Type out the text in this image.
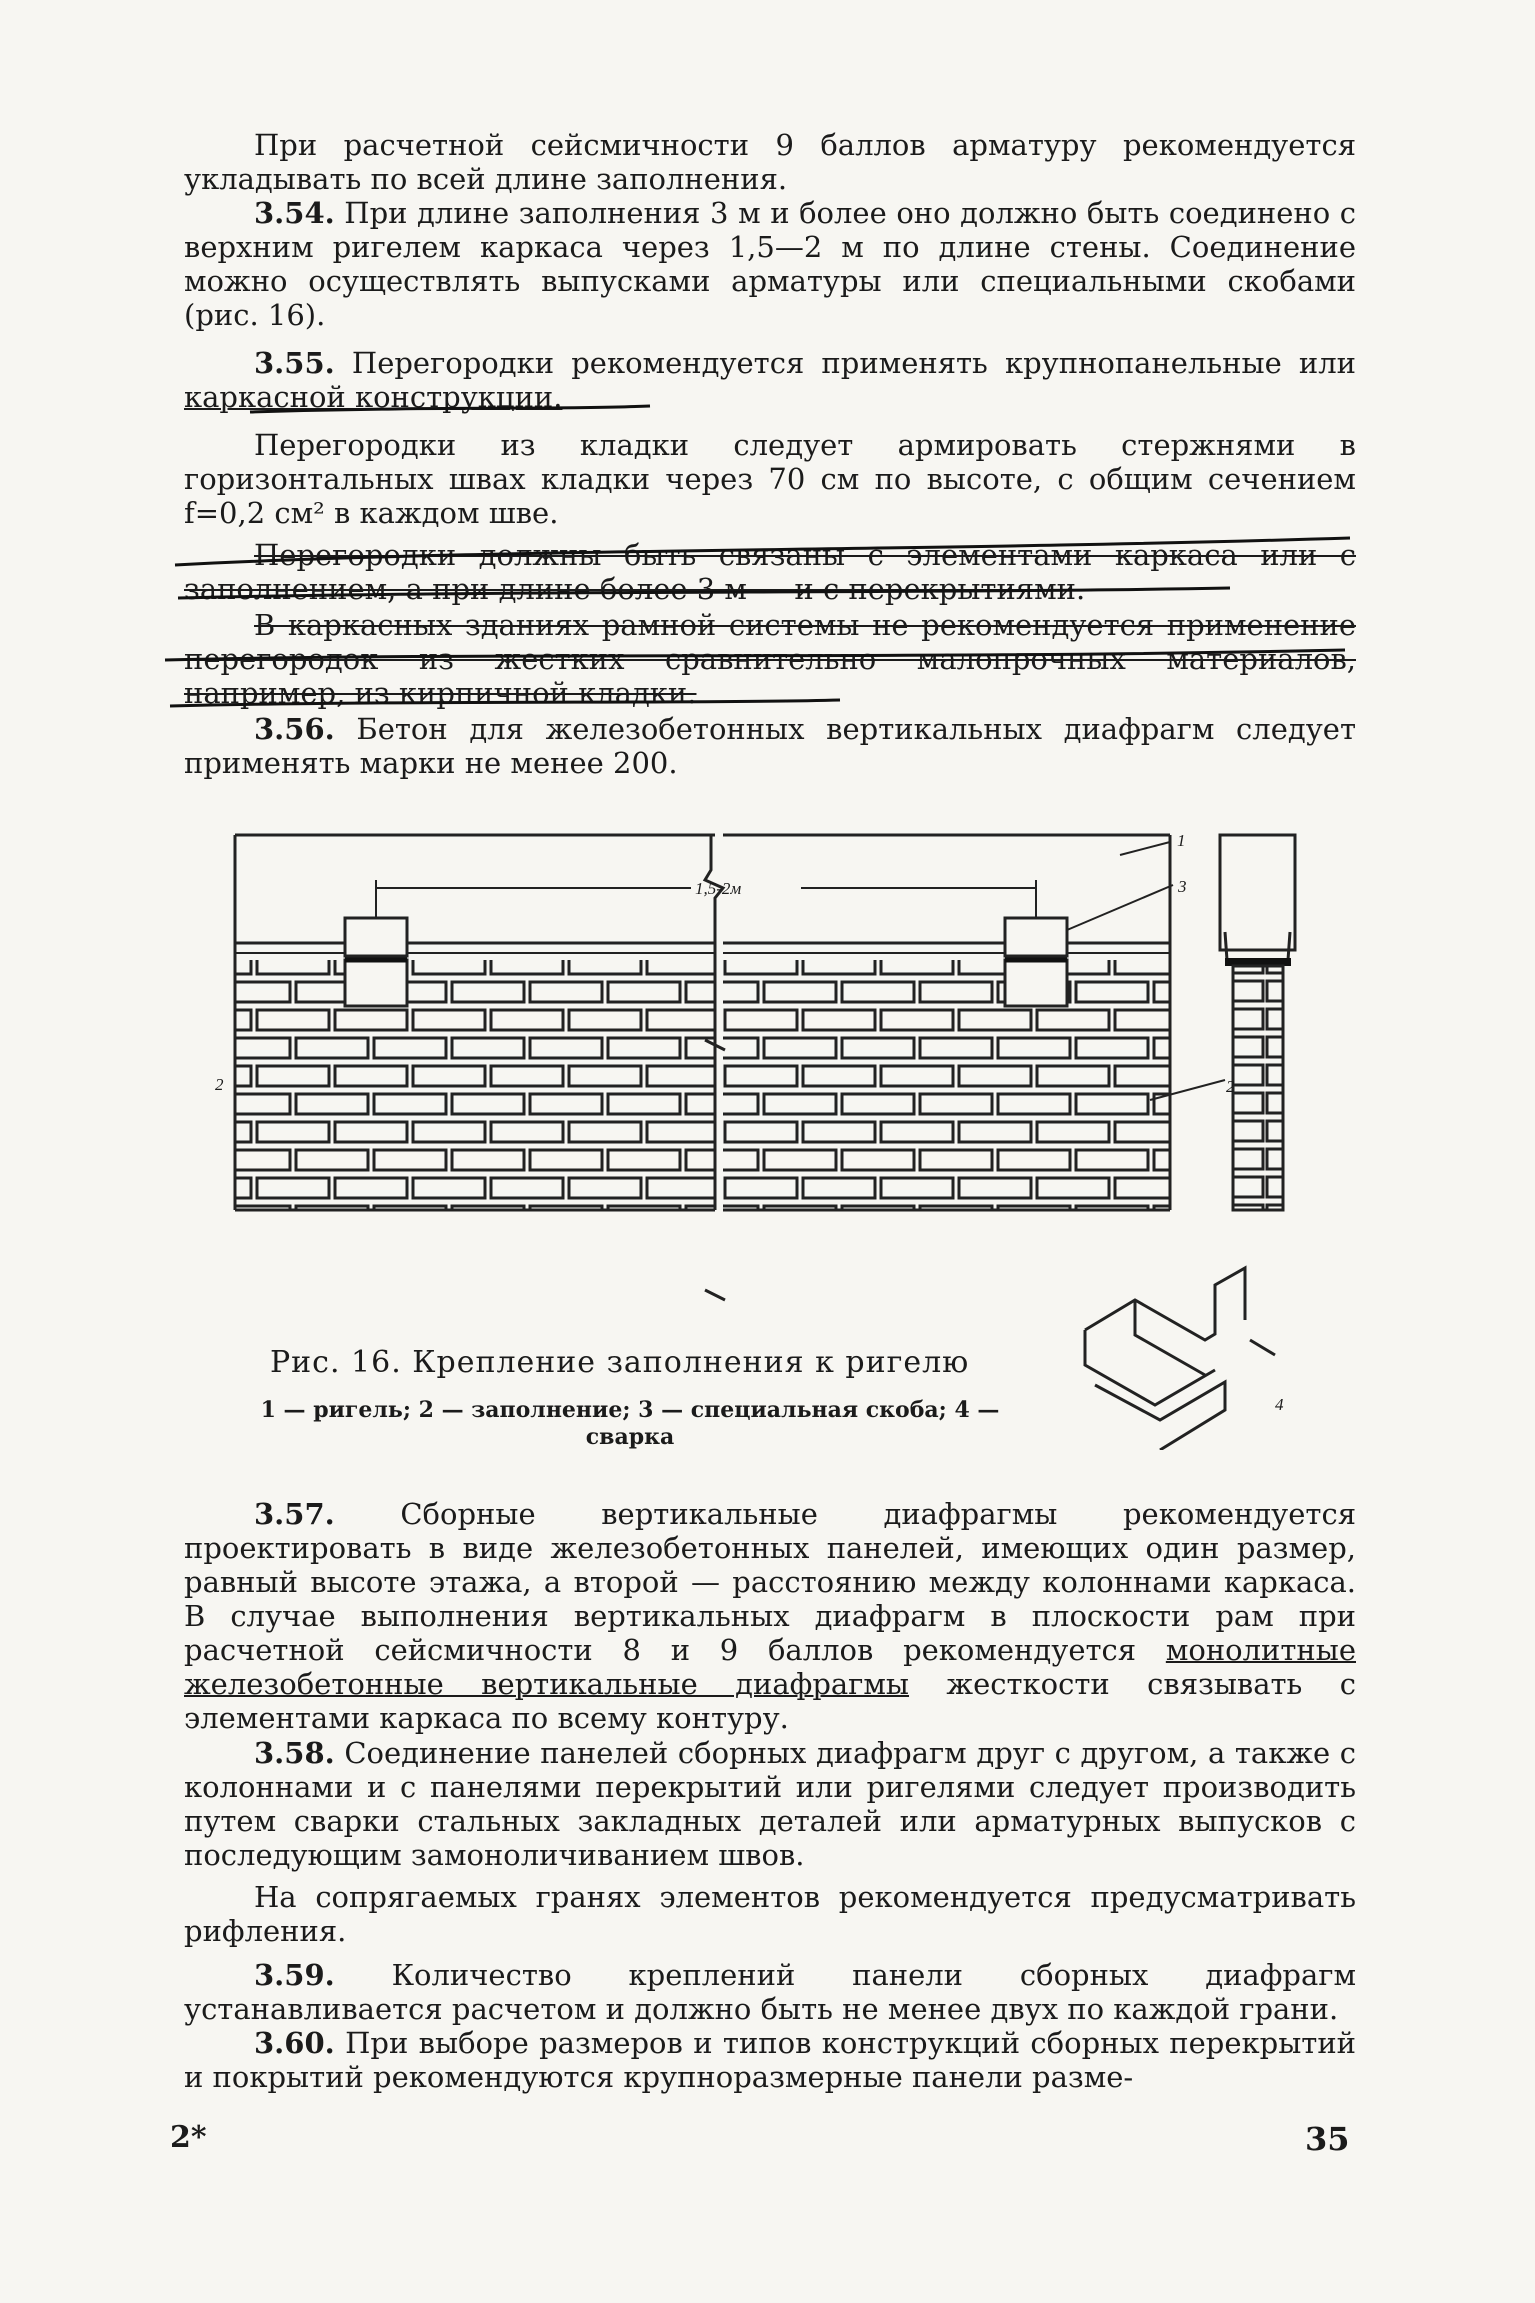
При расчетной сейсмичности 9 баллов арматуру рекомендуется укладывать по всей длине заполнения.

3.54. При длине заполнения 3 м и более оно должно быть соединено с верхним ригелем каркаса через 1,5—2 м по длине стены. Соединение можно осуществлять выпусками арматуры или специальными скобами (рис. 16).

3.55. Перегородки рекомендуется применять крупнопанельные или каркасной конструкции.

Перегородки из кладки следует армировать стержнями в горизонтальных швах кладки через 70 см по высоте, с общим сечением f=0,2 см² в каждом шве.

Перегородки должны быть связаны с элементами каркаса или с заполнением, а при длине более 3 м — и с перекрытиями.

В каркасных зданиях рамной системы не рекомендуется применение перегородок из жестких сравнительно малопрочных материалов, например, из кирпичной кладки.

3.56. Бетон для железобетонных вертикальных диафрагм следует применять марки не менее 200.

1,5-2м
1
3
2
2
4
Рис. 16. Крепление заполнения к ригелю
1 — ригель; 2 — заполнение; 3 — специальная скоба; 4 — сварка

3.57. Сборные вертикальные диафрагмы рекомендуется проектировать в виде железобетонных панелей, имеющих один размер, равный высоте этажа, а второй — расстоянию между колоннами каркаса. В случае выполнения вертикальных диафрагм в плоскости рам при расчетной сейсмичности 8 и 9 баллов рекомендуется монолитные железобетонные вертикальные диафрагмы жесткости связывать с элементами каркаса по всему контуру.

3.58. Соединение панелей сборных диафрагм друг с другом, а также с колоннами и с панелями перекрытий или ригелями следует производить путем сварки стальных закладных деталей или арматурных выпусков с последующим замоноличиванием швов.

На сопрягаемых гранях элементов рекомендуется предусматривать рифления.

3.59. Количество креплений панели сборных диафрагм устанавливается расчетом и должно быть не менее двух по каждой грани.

3.60. При выборе размеров и типов конструкций сборных перекрытий и покрытий рекомендуются крупноразмерные панели разме-

2*	35
